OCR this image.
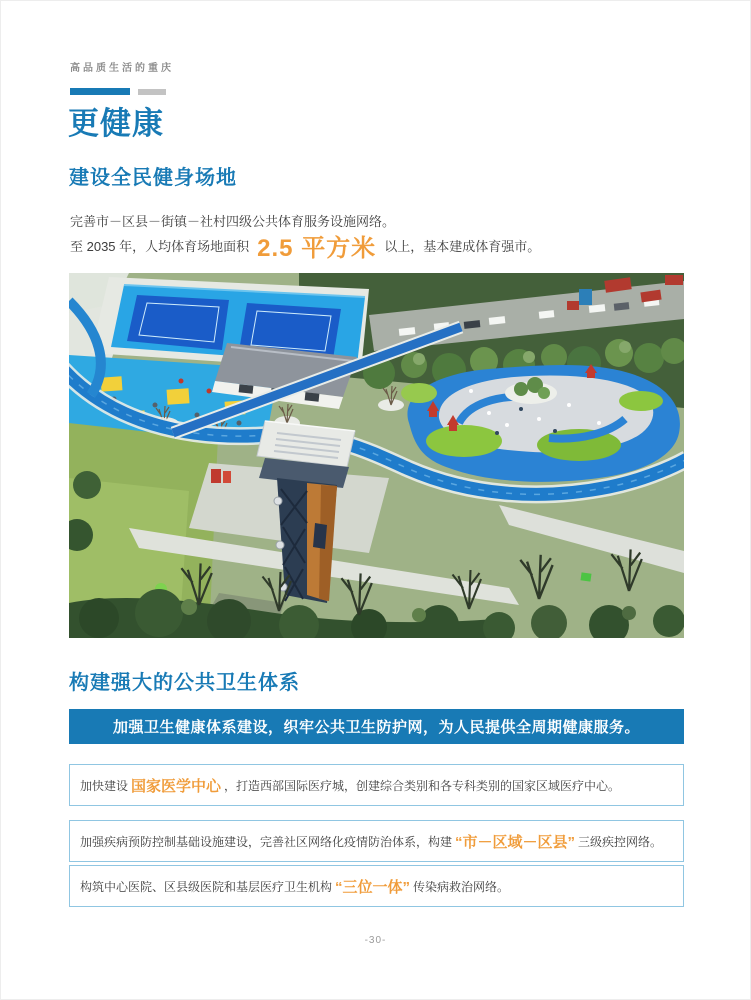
高品质生活的重庆
更健康
建设全民健身场地
完善市－区县－街镇－社村四级公共体育服务设施网络。
至 2035 年，人均体育场地面积 2.5 平方米 以上，基本建成体育强市。
构建强大的公共卫生体系
加强卫生健康体系建设，织牢公共卫生防护网，为人民提供全周期健康服务。
加快建设 国家医学中心 ，打造西部国际医疗城，创建综合类别和各专科类别的国家区域医疗中心。
加强疾病预防控制基础设施建设，完善社区网络化疫情防治体系，构建 “市－区域－区县” 三级疾控网络。
构筑中心医院、区县级医院和基层医疗卫生机构 “三位一体” 传染病救治网络。
-30-
